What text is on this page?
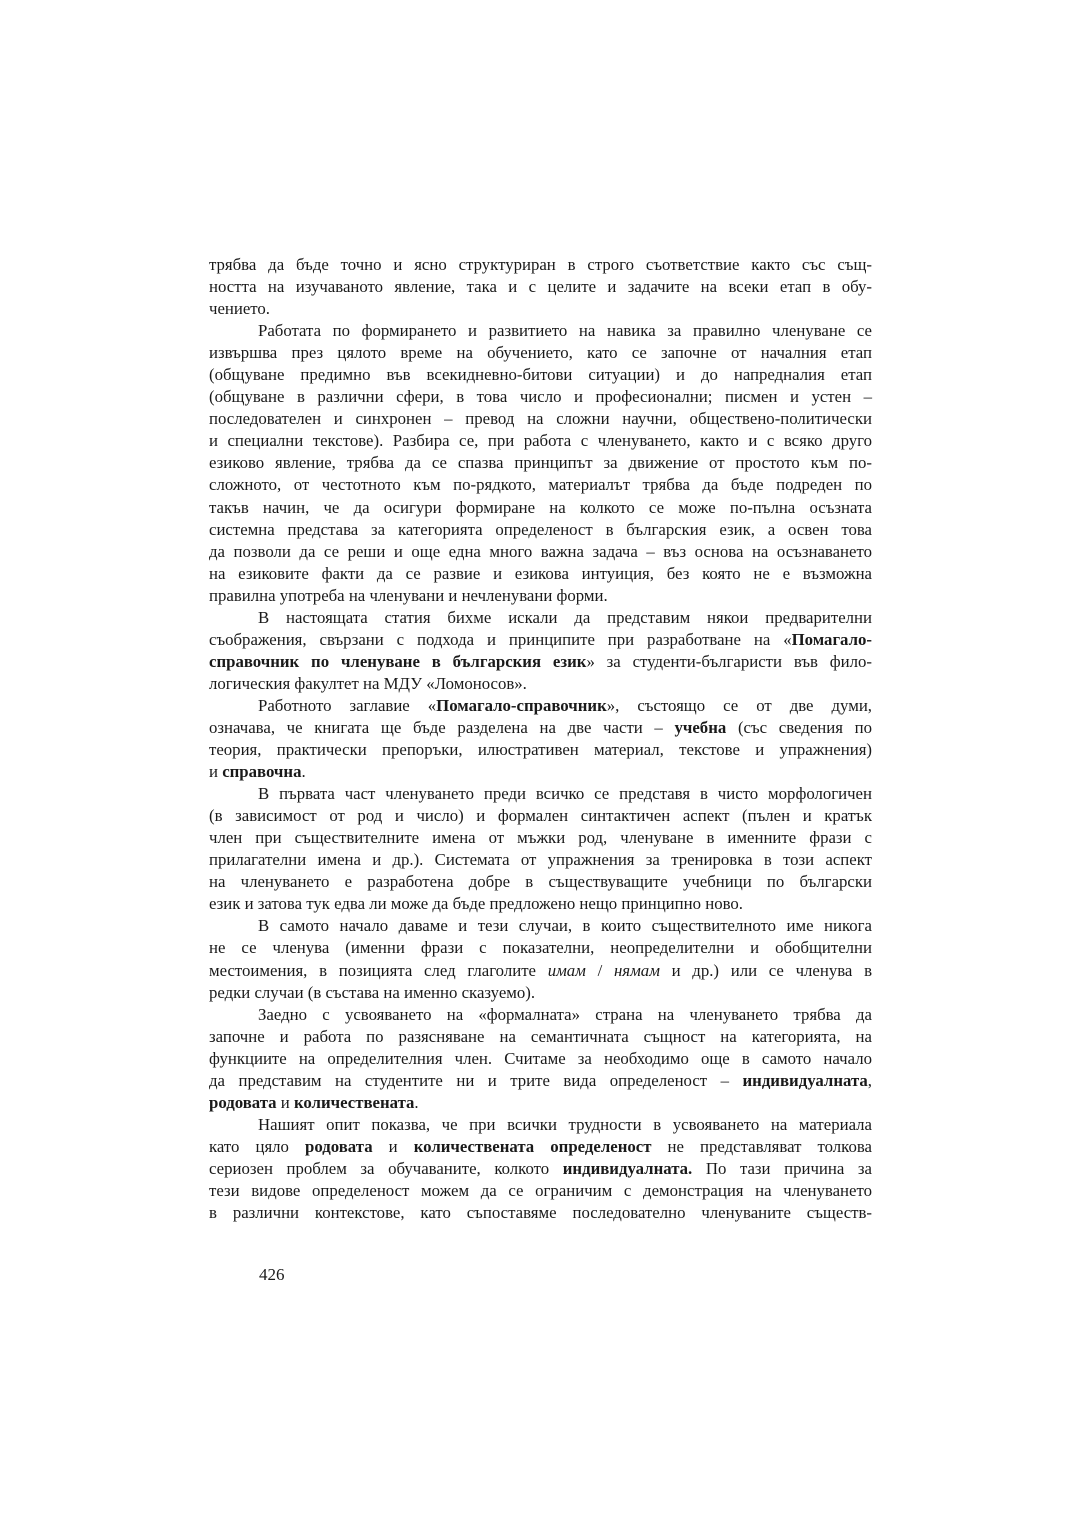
трябва да бъде точно и ясно структуриран в строго съответствие както със същ-
ността на изучаваното явление, така и с целите и задачите на всеки етап в обу-
чението.
Работата по формирането и развитието на навика за правилно членуване се
извършва през цялото време на обучението, като се започне от началния етап
(общуване предимно във всекидневно-битови ситуации) и до напредналия етап
(общуване в различни сфери, в това число и професионални; писмен и устен –
последователен и синхронен – превод на сложни научни, обществено-политически
и специални текстове). Разбира се, при работа с членуването, както и с всяко друго
езиково явление, трябва да се спазва принципът за движение от простото към по-
сложното, от честотното към по-рядкото, материалът трябва да бъде подреден по
такъв начин, че да осигури формиране на колкото се може по-пълна осъзната
системна представа за категорията определеност в българския език, а освен това
да позволи да се реши и още една много важна задача – въз основа на осъзнаването
на езиковите факти да се развие и езикова интуиция, без която не е възможна
правилна употреба на членувани и нечленувани форми.
В настоящата статия бихме искали да представим някои предварителни
съображения, свързани с подхода и принципите при разработване на «Помагало-
справочник по членуване в българския език» за студенти-българисти във фило-
логическия факултет на МДУ «Ломоносов».
Работното заглавие «Помагало-справочник», състоящо се от две думи,
означава, че книгата ще бъде разделена на две части – учебна (със сведения по
теория, практически препоръки, илюстративен материал, текстове и упражнения)
и справочна.
В първата част членуването преди всичко се представя в чисто морфологичен
(в зависимост от род и число) и формален синтактичен аспект (пълен и кратък
член при съществителните имена от мъжки род, членуване в именните фрази с
прилагателни имена и др.). Системата от упражнения за тренировка в този аспект
на членуването е разработена добре в съществуващите учебници по български
език и затова тук едва ли може да бъде предложено нещо принципно ново.
В самото начало даваме и тези случаи, в които съществителното име никога
не се членува (именни фрази с показателни, неопределителни и обобщителни
местоимения, в позицията след глаголите имам / нямам и др.) или се членува в
редки случаи (в състава на именно сказуемо).
Заедно с усвояването на «формалната» страна на членуването трябва да
започне и работа по разясняване на семантичната същност на категорията, на
функциите на определителния член. Считаме за необходимо още в самото начало
да представим на студентите ни и трите вида определеност – индивидуалната,
родовата и количествената.
Нашият опит показва, че при всички трудности в усвояването на материала
като цяло родовата и количествената определеност не представляват толкова
сериозен проблем за обучаваните, колкото индивидуалната. По тази причина за
тези видове определеност можем да се ограничим с демонстрация на членуването
в различни контекстове, като съпоставяме последователно членуваните съществ-
426
